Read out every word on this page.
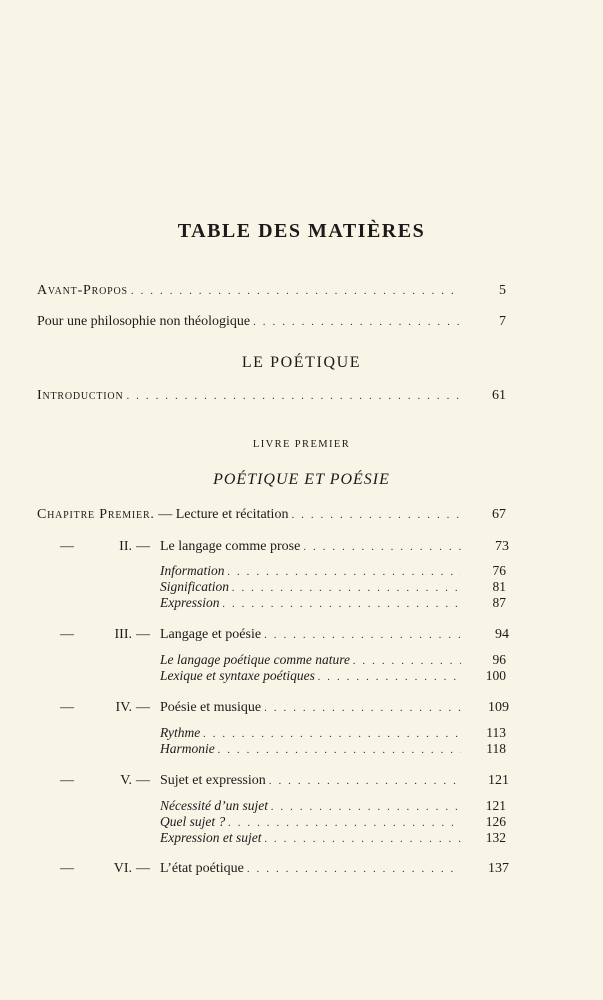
TABLE DES MATIÈRES
Avant-Propos . . .	5
Pour une philosophie non théologique . . .	7
LE POÉTIQUE
Introduction . . .	61
LIVRE PREMIER
POÉTIQUE ET POÉSIE
Chapitre Premier. — Lecture et récitation . . .	67
—	II. — Le langage comme prose . . .	73
Information . . .	76
Signification . . .	81
Expression . . .	87
—	III. — Langage et poésie . . .	94
Le langage poétique comme nature . . .	96
Lexique et syntaxe poétiques . . .	100
—	IV. — Poésie et musique . . .	109
Rythme . . .	113
Harmonie . . .	118
—	V. — Sujet et expression . . .	121
Nécessité d’un sujet . . .	121
Quel sujet ? . . .	126
Expression et sujet . . .	132
—	VI. — L’état poétique . . .	137
